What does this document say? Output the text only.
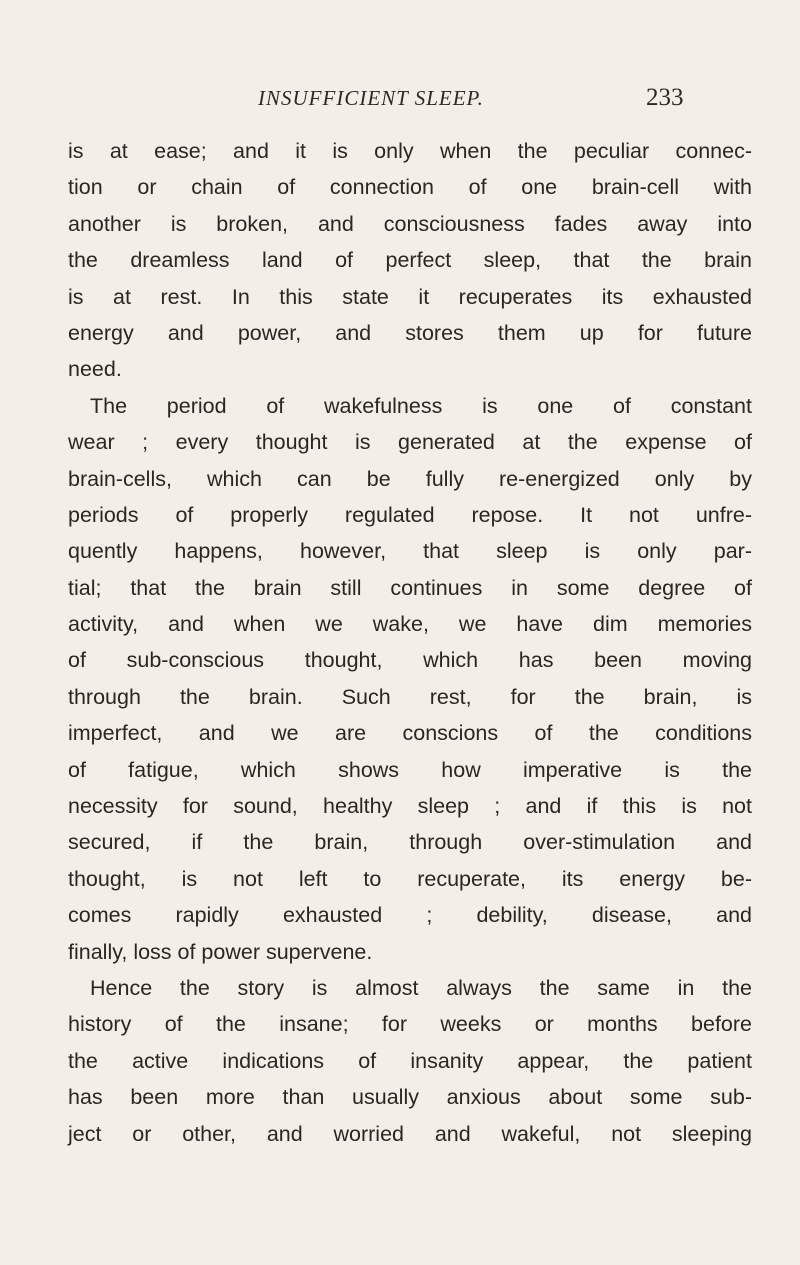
INSUFFICIENT SLEEP.	233
is at ease; and it is only when the peculiar connec-
tion or chain of connection of one brain-cell with
another is broken, and consciousness fades away into
the dreamless land of perfect sleep, that the brain
is at rest. In this state it recuperates its exhausted
energy and power, and stores them up for future
need.
The period of wakefulness is one of constant
wear ; every thought is generated at the expense of
brain-cells, which can be fully re-energized only by
periods of properly regulated repose. It not unfre-
quently happens, however, that sleep is only par-
tial; that the brain still continues in some degree of
activity, and when we wake, we have dim memories
of sub-conscious thought, which has been moving
through the brain. Such rest, for the brain, is
imperfect, and we are conscions of the conditions
of fatigue, which shows how imperative is the
necessity for sound, healthy sleep ; and if this is not
secured, if the brain, through over-stimulation and
thought, is not left to recuperate, its energy be-
comes rapidly exhausted ; debility, disease, and
finally, loss of power supervene.
Hence the story is almost always the same in the
history of the insane; for weeks or months before
the active indications of insanity appear, the patient
has been more than usually anxious about some sub-
ject or other, and worried and wakeful, not sleeping
